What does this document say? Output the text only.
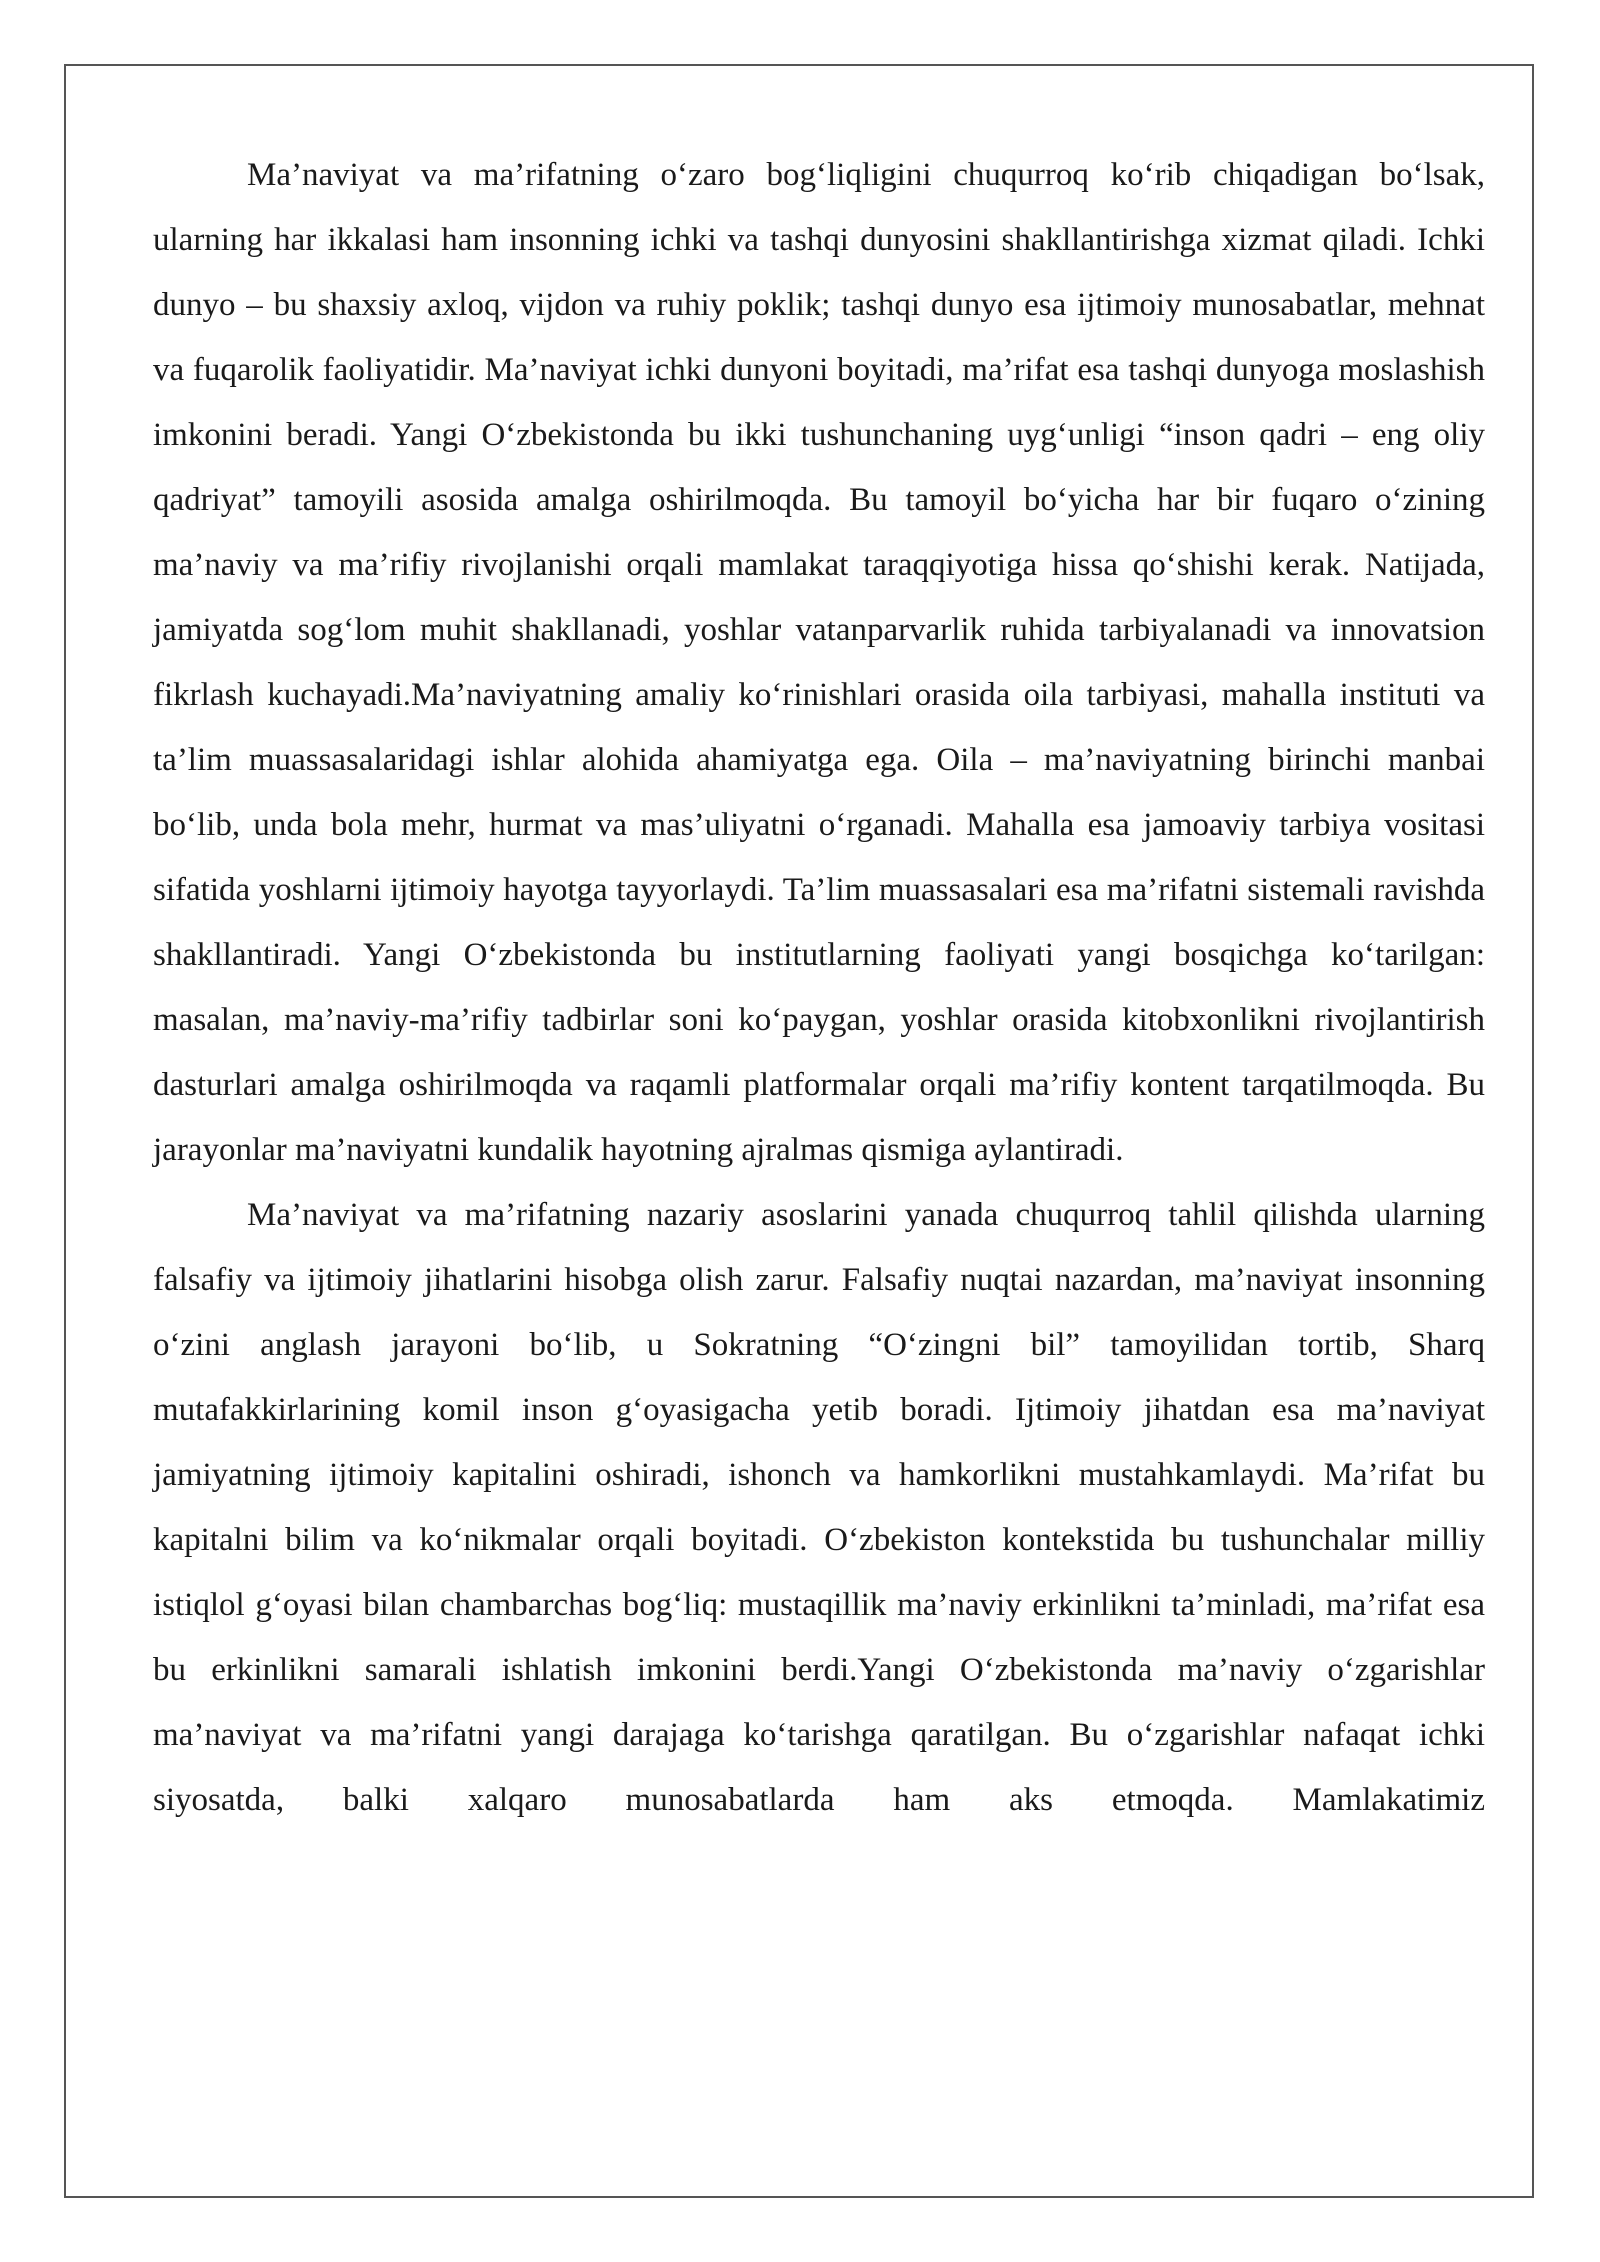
Ma’naviyat va ma’rifatning o‘zaro bog‘liqligini chuqurroq ko‘rib chiqadigan bo‘lsak, ularning har ikkalasi ham insonning ichki va tashqi dunyosini shakllantirishga xizmat qiladi. Ichki dunyo – bu shaxsiy axloq, vijdon va ruhiy poklik; tashqi dunyo esa ijtimoiy munosabatlar, mehnat va fuqarolik faoliyatidir. Ma’naviyat ichki dunyoni boyitadi, ma’rifat esa tashqi dunyoga moslashish imkonini beradi. Yangi O‘zbekistonda bu ikki tushunchaning uyg‘unligi “inson qadri – eng oliy qadriyat” tamoyili asosida amalga oshirilmoqda. Bu tamoyil bo‘yicha har bir fuqaro o‘zining ma’naviy va ma’rifiy rivojlanishi orqali mamlakat taraqqiyotiga hissa qo‘shishi kerak. Natijada, jamiyatda sog‘lom muhit shakllanadi, yoshlar vatanparvarlik ruhida tarbiyalanadi va innovatsion fikrlash kuchayadi.Ma’naviyatning amaliy ko‘rinishlari orasida oila tarbiyasi, mahalla instituti va ta’lim muassasalaridagi ishlar alohida ahamiyatga ega. Oila – ma’naviyatning birinchi manbai bo‘lib, unda bola mehr, hurmat va mas’uliyatni o‘rganadi. Mahalla esa jamoaviy tarbiya vositasi sifatida yoshlarni ijtimoiy hayotga tayyorlaydi. Ta’lim muassasalari esa ma’rifatni sistemali ravishda shakllantiradi. Yangi O‘zbekistonda bu institutlarning faoliyati yangi bosqichga ko‘tarilgan: masalan, ma’naviy-ma’rifiy tadbirlar soni ko‘paygan, yoshlar orasida kitobxonlikni rivojlantirish dasturlari amalga oshirilmoqda va raqamli platformalar orqali ma’rifiy kontent tarqatilmoqda. Bu jarayonlar ma’naviyatni kundalik hayotning ajralmas qismiga aylantiradi.

Ma’naviyat va ma’rifatning nazariy asoslarini yanada chuqurroq tahlil qilishda ularning falsafiy va ijtimoiy jihatlarini hisobga olish zarur. Falsafiy nuqtai nazardan, ma’naviyat insonning o‘zini anglash jarayoni bo‘lib, u Sokratning “O‘zingni bil” tamoyilidan tortib, Sharq mutafakkirlarining komil inson g‘oyasigacha yetib boradi. Ijtimoiy jihatdan esa ma’naviyat jamiyatning ijtimoiy kapitalini oshiradi, ishonch va hamkorlikni mustahkamlaydi. Ma’rifat bu kapitalni bilim va ko‘nikmalar orqali boyitadi. O‘zbekiston kontekstida bu tushunchalar milliy istiqlol g‘oyasi bilan chambarchas bog‘liq: mustaqillik ma’naviy erkinlikni ta’minladi, ma’rifat esa bu erkinlikni samarali ishlatish imkonini berdi.Yangi O‘zbekistonda ma’naviy o‘zgarishlar ma’naviyat va ma’rifatni yangi darajaga ko‘tarishga qaratilgan. Bu o‘zgarishlar nafaqat ichki siyosatda, balki xalqaro munosabatlarda ham aks etmoqda. Mamlakatimiz
